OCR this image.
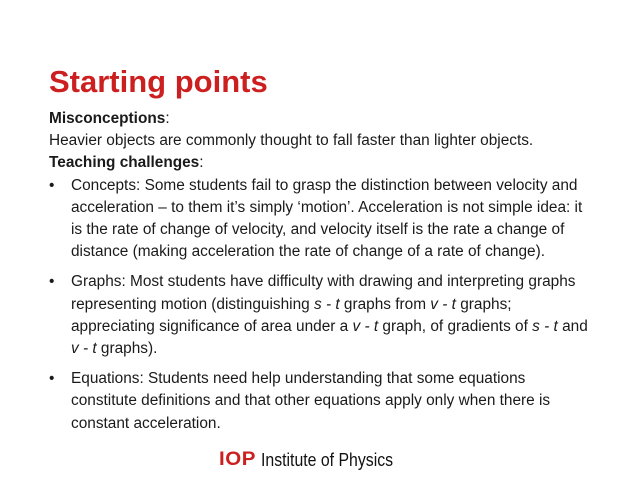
Starting points

Misconceptions:

Heavier objects are commonly thought to fall faster than lighter objects.

Teaching challenges:

• Concepts: Some students fail to grasp the distinction between velocity and acceleration – to them it’s simply ‘motion’. Acceleration is not simple idea: it is the rate of change of velocity, and velocity itself is the rate a change of distance (making acceleration the rate of change of a rate of change).
• Graphs: Most students have difficulty with drawing and interpreting graphs representing motion (distinguishing s - t graphs from v - t graphs; appreciating significance of area under a v - t graph, of gradients of s - t and v - t graphs).
• Equations: Students need help understanding that some equations constitute definitions and that other equations apply only when there is constant acceleration.
IOP Institute of Physics
